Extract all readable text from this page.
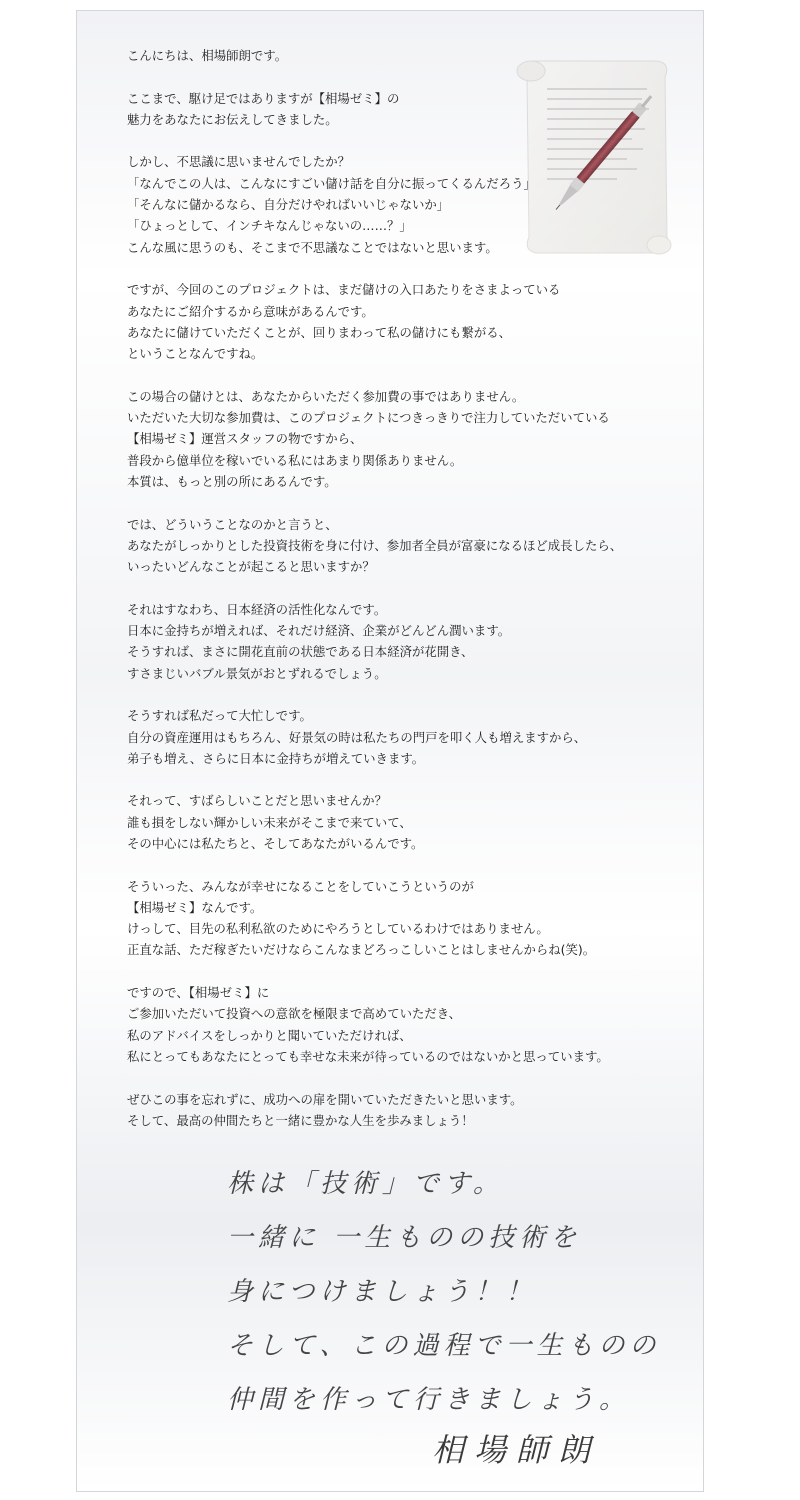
こんにちは、相場師朗です。

ここまで、駆け足ではありますが【相場ゼミ】の
魅力をあなたにお伝えしてきました。

しかし、不思議に思いませんでしたか？
「なんでこの人は、こんなにすごい儲け話を自分に振ってくるんだろう」
「そんなに儲かるなら、自分だけやればいいじゃないか」
「ひょっとして、インチキなんじゃないの……？」
こんな風に思うのも、そこまで不思議なことではないと思います。

ですが、今回のこのプロジェクトは、まだ儲けの入口あたりをさまよっている
あなたにご紹介するから意味があるんです。
あなたに儲けていただくことが、回りまわって私の儲けにも繋がる、
ということなんですね。

この場合の儲けとは、あなたからいただく参加費の事ではありません。
いただいた大切な参加費は、このプロジェクトにつきっきりで注力していただいている
【相場ゼミ】運営スタッフの物ですから、
普段から億単位を稼いでいる私にはあまり関係ありません。
本質は、もっと別の所にあるんです。

では、どういうことなのかと言うと、
あなたがしっかりとした投資技術を身に付け、参加者全員が富豪になるほど成長したら、
いったいどんなことが起こると思いますか？

それはすなわち、日本経済の活性化なんです。
日本に金持ちが増えれば、それだけ経済、企業がどんどん潤います。
そうすれば、まさに開花直前の状態である日本経済が花開き、
すさまじいバブル景気がおとずれるでしょう。

そうすれば私だって大忙しです。
自分の資産運用はもちろん、好景気の時は私たちの門戸を叩く人も増えますから、
弟子も増え、さらに日本に金持ちが増えていきます。

それって、すばらしいことだと思いませんか？
誰も損をしない輝かしい未来がそこまで来ていて、
その中心には私たちと、そしてあなたがいるんです。

そういった、みんなが幸せになることをしていこうというのが
【相場ゼミ】なんです。
けっして、目先の私利私欲のためにやろうとしているわけではありません。
正直な話、ただ稼ぎたいだけならこんなまどろっこしいことはしませんからね(笑)。

ですので、【相場ゼミ】に
ご参加いただいて投資への意欲を極限まで高めていただき、
私のアドバイスをしっかりと聞いていただければ、
私にとってもあなたにとっても幸せな未来が待っているのではないかと思っています。

ぜひこの事を忘れずに、成功への扉を開いていただきたいと思います。
そして、最高の仲間たちと一緒に豊かな人生を歩みましょう！

株は「技術」です。
一緒に 一生ものの技術を
身につけましょう！！
そして、この過程で一生ものの
仲間を作って行きましょう。
相場師朗
